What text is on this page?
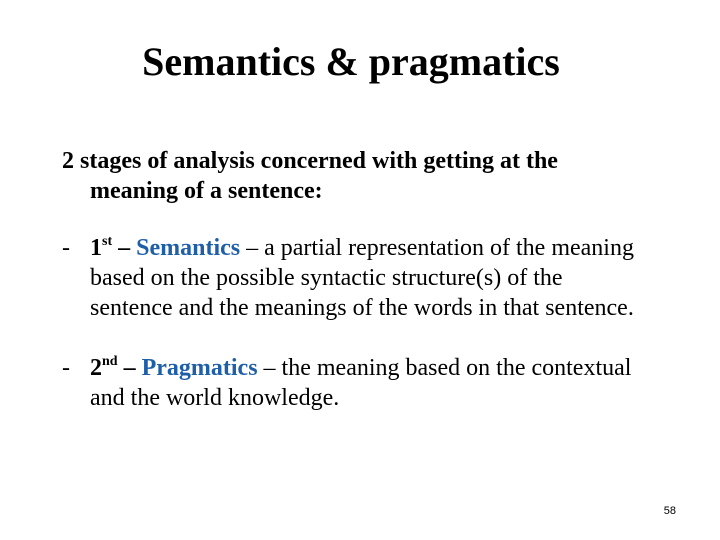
Semantics & pragmatics
2 stages of analysis concerned with getting at the
meaning of a sentence:
- 1st – Semantics – a partial representation of the meaning
based on the possible syntactic structure(s) of the
sentence and the meanings of the words in that sentence.
- 2nd – Pragmatics – the meaning based on the contextual
and the world knowledge.
58
